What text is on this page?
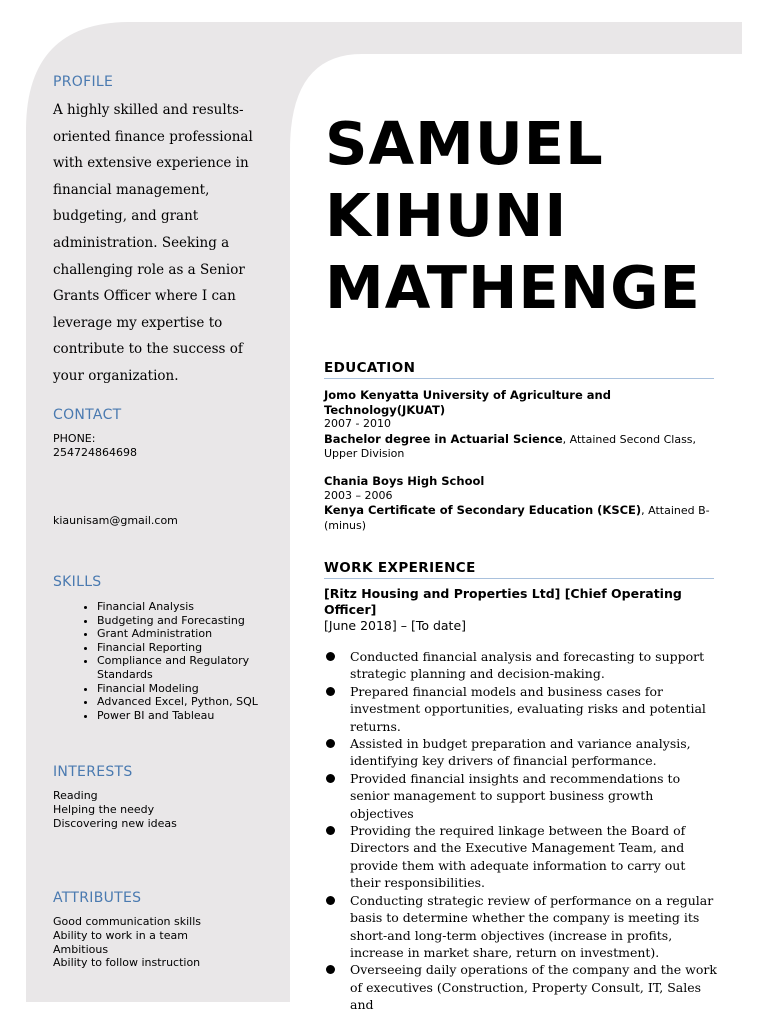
PROFILE

A highly skilled and results-oriented finance professional with extensive experience in financial management, budgeting, and grant administration. Seeking a challenging role as a Senior Grants Officer where I can leverage my expertise to contribute to the success of your organization.

CONTACT
PHONE:
254724864698
kiaunisam@gmail.com
SKILLS
• Financial Analysis
• Budgeting and Forecasting
• Grant Administration
• Financial Reporting
• Compliance and Regulatory Standards
• Financial Modeling
• Advanced Excel, Python, SQL
• Power BI and Tableau
INTERESTS
Reading
Helping the needy
Discovering new ideas
ATTRIBUTES
Good communication skills
Ability to work in a team
Ambitious
Ability to follow instruction
SAMUEL
KIHUNI
MATHENGE
EDUCATION
Jomo Kenyatta University of Agriculture and Technology(JKUAT)
2007 - 2010
Bachelor degree in Actuarial Science, Attained Second Class, Upper Division
Chania Boys High School
2003 – 2006
Kenya Certificate of Secondary Education (KSCE), Attained B-(minus)
WORK EXPERIENCE
[Ritz Housing and Properties Ltd] [Chief Operating Officer]
[June 2018] – [To date]
Conducted financial analysis and forecasting to support strategic planning and decision-making.
Prepared financial models and business cases for investment opportunities, evaluating risks and potential returns.
Assisted in budget preparation and variance analysis, identifying key drivers of financial performance.
Provided financial insights and recommendations to senior management to support business growth objectives
Providing the required linkage between the Board of Directors and the Executive Management Team, and provide them with adequate information to carry out their responsibilities.
Conducting strategic review of performance on a regular basis to determine whether the company is meeting its short-and long-term objectives (increase in profits, increase in market share, return on investment).
Overseeing daily operations of the company and the work of executives (Construction, Property Consult, IT, Sales and
